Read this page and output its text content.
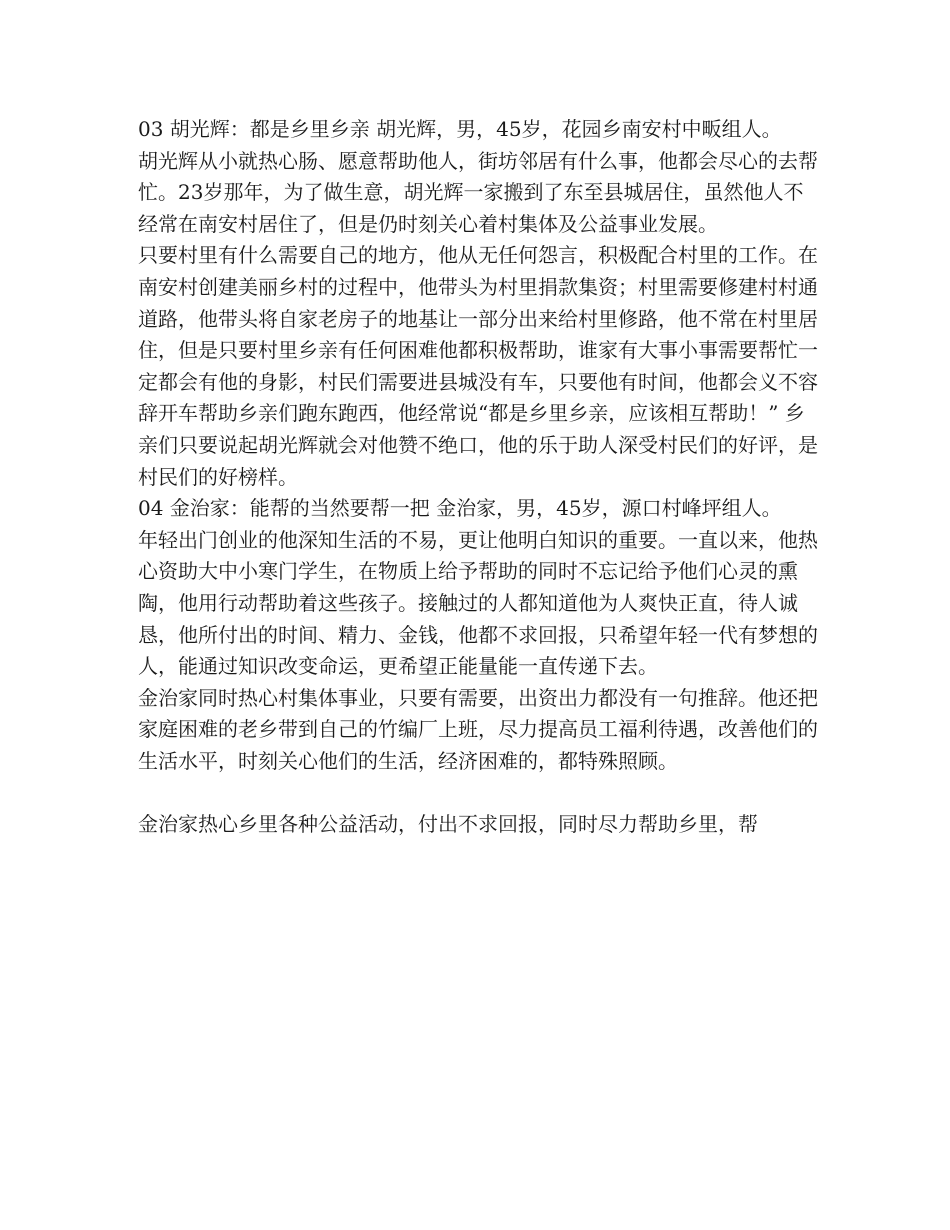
03 胡光辉：都是乡里乡亲 胡光辉，男，45岁，花园乡南安村中畈组人。

胡光辉从小就热心肠、愿意帮助他人，街坊邻居有什么事，他都会尽心的去帮忙。23岁那年，为了做生意，胡光辉一家搬到了东至县城居住，虽然他人不经常在南安村居住了，但是仍时刻关心着村集体及公益事业发展。

只要村里有什么需要自己的地方，他从无任何怨言，积极配合村里的工作。在南安村创建美丽乡村的过程中，他带头为村里捐款集资；村里需要修建村村通道路，他带头将自家老房子的地基让一部分出来给村里修路，他不常在村里居住，但是只要村里乡亲有任何困难他都积极帮助，谁家有大事小事需要帮忙一定都会有他的身影，村民们需要进县城没有车，只要他有时间，他都会义不容辞开车帮助乡亲们跑东跑西，他经常说“都是乡里乡亲，应该相互帮助！” 乡亲们只要说起胡光辉就会对他赞不绝口，他的乐于助人深受村民们的好评，是村民们的好榜样。

04 金治家：能帮的当然要帮一把 金治家，男，45岁，源口村峰坪组人。

年轻出门创业的他深知生活的不易，更让他明白知识的重要。一直以来，他热心资助大中小寒门学生，在物质上给予帮助的同时不忘记给予他们心灵的熏陶，他用行动帮助着这些孩子。接触过的人都知道他为人爽快正直，待人诚恳，他所付出的时间、精力、金钱，他都不求回报，只希望年轻一代有梦想的人，能通过知识改变命运，更希望正能量能一直传递下去。

金治家同时热心村集体事业，只要有需要，出资出力都没有一句推辞。他还把家庭困难的老乡带到自己的竹编厂上班，尽力提高员工福利待遇，改善他们的生活水平，时刻关心他们的生活，经济困难的，都特殊照顾。

金治家热心乡里各种公益活动，付出不求回报，同时尽力帮助乡里，帮
